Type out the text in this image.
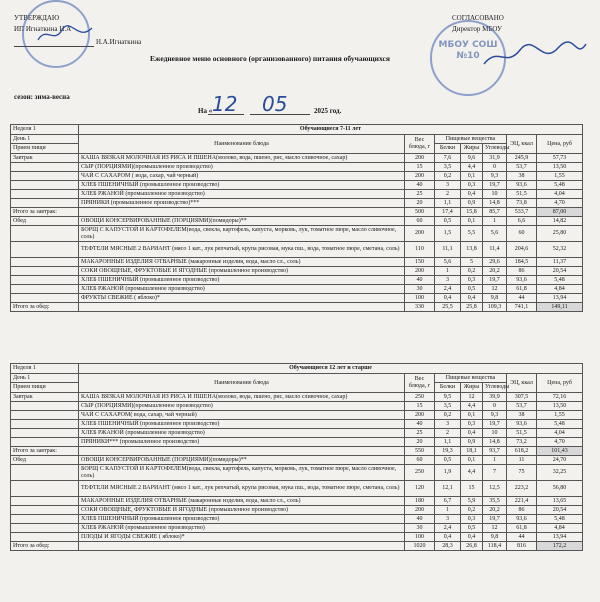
УТВЕРЖДАЮ
ИП Игнаткина Н.А
Н.А.Игнаткина
СОГЛАСОВАНО
Директор МБОУ
МБОУ СОШ №10
Ежедневное меню основного (организованного) питания обучающихся
сезон: зима-весна
На « 12 05	2025 год.
Неделя 1	Обучающиеся 7-11 лет						
День 1	Наименование блюда	Вес блюда, г	Пищевые вещества			ЭЦ, ккал	Цена, руб
Прием пищи			Белки	Жиры	Углеводы		
Завтрак	КАША ВЯЗКАЯ МОЛОЧНАЯ ИЗ РИСА И ПШЕНА(молоко, вода, пшено, рис, масло сливочное, сахар)	200	7,6	9,6	31,9	245,9	57,73
	СЫР (ПОРЦИЯМИ)(промышленное производство)	15	3,5	4,4	0	53,7	13,50
	ЧАЙ С САХАРОМ ( вода, сахар, чай черный)	200	0,2	0,1	9,3	38	1,55
	ХЛЕБ ПШЕНИЧНЫЙ (промышленное производство)	40	3	0,3	19,7	93,6	5,48
	ХЛЕБ РЖАНОЙ (промышленное производство)	25	2	0,4	10	51,5	4,04
	ПРЯНИКИ (промышленное производство)***	20	1,1	0,9	14,8	73,8	4,70
Итого за завтрак:		500	17,4	15,8	85,7	533,7	87,00
Обед	ОВОЩИ КОНСЕРВИРОВАННЫЕ (ПОРЦИЯМИ)(помидоры)**	60	0,5	0,1	1	6,6	14,82
	БОРЩ С КАПУСТОЙ И КАРТОФЕЛЕМ(вода, свекла, картофель, капуста, морковь, лук, томатное пюре, масло сливочное, соль)	200	1,5	5,5	5,6	60	25,80
	ТЕФТЕЛИ МЯСНЫЕ 2 ВАРИАНТ (мясо 1 кат., лук репчатый, крупа рисовая, мука пш., вода, томатное пюре, сметана, соль)	110	11,1	13,8	11,4	204,6	52,32
	МАКАРОННЫЕ ИЗДЕЛИЯ ОТВАРНЫЕ (макаронные изделия, вода, масло сл., соль)	150	5,6	5	29,6	184,5	11,37
	СОКИ ОВОЩНЫЕ, ФРУКТОВЫЕ И ЯГОДНЫЕ (промышленное производство)	200	1	0,2	20,2	86	20,54
	ХЛЕБ ПШЕНИЧНЫЙ (промышленное производство)	40	3	0,3	19,7	93,6	5,48
	ХЛЕБ РЖАНОЙ (промышленное производство)	30	2,4	0,5	12	61,8	4,84
	ФРУКТЫ СВЕЖИЕ ( яблоко)*	100	0,4	0,4	9,8	44	13,94
Итого за обед:		330	25,5	25,8	109,3	741,1	149,11
Неделя 1	Обучающиеся 12 лет и старше						
День 1	Наименование блюда	Вес блюда, г	Пищевые вещества			ЭЦ, ккал	Цена, руб
Прием пищи			Белки	Жиры	Углеводы		
Завтрак	КАША ВЯЗКАЯ МОЛОЧНАЯ ИЗ РИСА И ПШЕНА(молоко, вода, пшено, рис, масло сливочное, сахар)	250	9,5	12	39,9	307,5	72,16
	СЫР (ПОРЦИЯМИ)(промышленное производство)	15	3,5	4,4	0	53,7	13,50
	ЧАЙ С САХАРОМ( вода, сахар, чай черный)	200	0,2	0,1	9,3	38	1,55
	ХЛЕБ ПШЕНИЧНЫЙ (промышленное производство)	40	3	0,3	19,7	93,6	5,48
	ХЛЕБ РЖАНОЙ (промышленное производство)	25	2	0,4	10	51,5	4,04
	ПРЯНИКИ*** (промышленное производство)	20	1,1	0,9	14,8	73,2	4,70
Итого за завтрак:		550	19,3	18,1	93,7	618,2	101,43
Обед	ОВОЩИ КОНСЕРВИРОВАННЫЕ (ПОРЦИЯМИ)(помидоры)**	60	0,5	0,1	1	11	24,70
	БОРЩ С КАПУСТОЙ И КАРТОФЕЛЕМ(вода, свекла, картофель, капуста, морковь, лук, томатное пюре, масло сливочное, соль)	250	1,9	4,4	7	75	32,25
	ТЕФТЕЛИ МЯСНЫЕ 2 ВАРИАНТ (мясо 1 кат., лук репчатый, крупа рисовая, мука пш., вода, томатное пюре, сметана, соль)	120	12,1	15	12,5	223,2	56,80
	МАКАРОННЫЕ ИЗДЕЛИЯ ОТВАРНЫЕ (макаронные изделия, вода, масло сл., соль)	180	6,7	5,9	35,5	221,4	13,65
	СОКИ ОВОЩНЫЕ, ФРУКТОВЫЕ И ЯГОДНЫЕ (промышленное производство)	200	1	0,2	20,2	86	20,54
	ХЛЕБ ПШЕНИЧНЫЙ (промышленное производство)	40	3	0,3	19,7	93,6	5,48
	ХЛЕБ РЖАНОЙ (промышленное производство)	30	2,4	0,5	12	61,8	4,84
	ПЛОДЫ И ЯГОДЫ СВЕЖИЕ ( яблоко)*	100	0,4	0,4	9,8	44	13,94
Итого за обед:		1020	28,3	26,8	118,4	816	172,2
